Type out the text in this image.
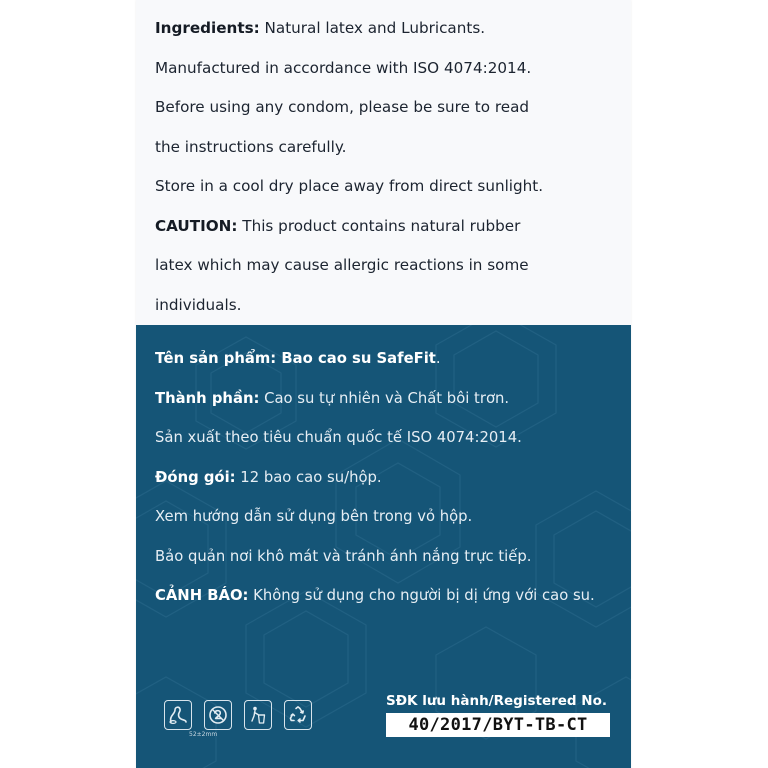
Ingredients: Natural latex and Lubricants.
Manufactured in accordance with ISO 4074:2014.
Before using any condom, please be sure to read
the instructions carefully.
Store in a cool dry place away from direct sunlight.
CAUTION: This product contains natural rubber
latex which may cause allergic reactions in some
individuals.
Tên sản phẩm: Bao cao su SafeFit.
Thành phần: Cao su tự nhiên và Chất bôi trơn.
Sản xuất theo tiêu chuẩn quốc tế ISO 4074:2014.
Đóng gói: 12 bao cao su/hộp.
Xem hướng dẫn sử dụng bên trong vỏ hộp.
Bảo quản nơi khô mát và tránh ánh nắng trực tiếp.
CẢNH BÁO: Không sử dụng cho người bị dị ứng với cao su.
52±2mm
SĐK lưu hành/Registered No.
40/2017/BYT-TB-CT
